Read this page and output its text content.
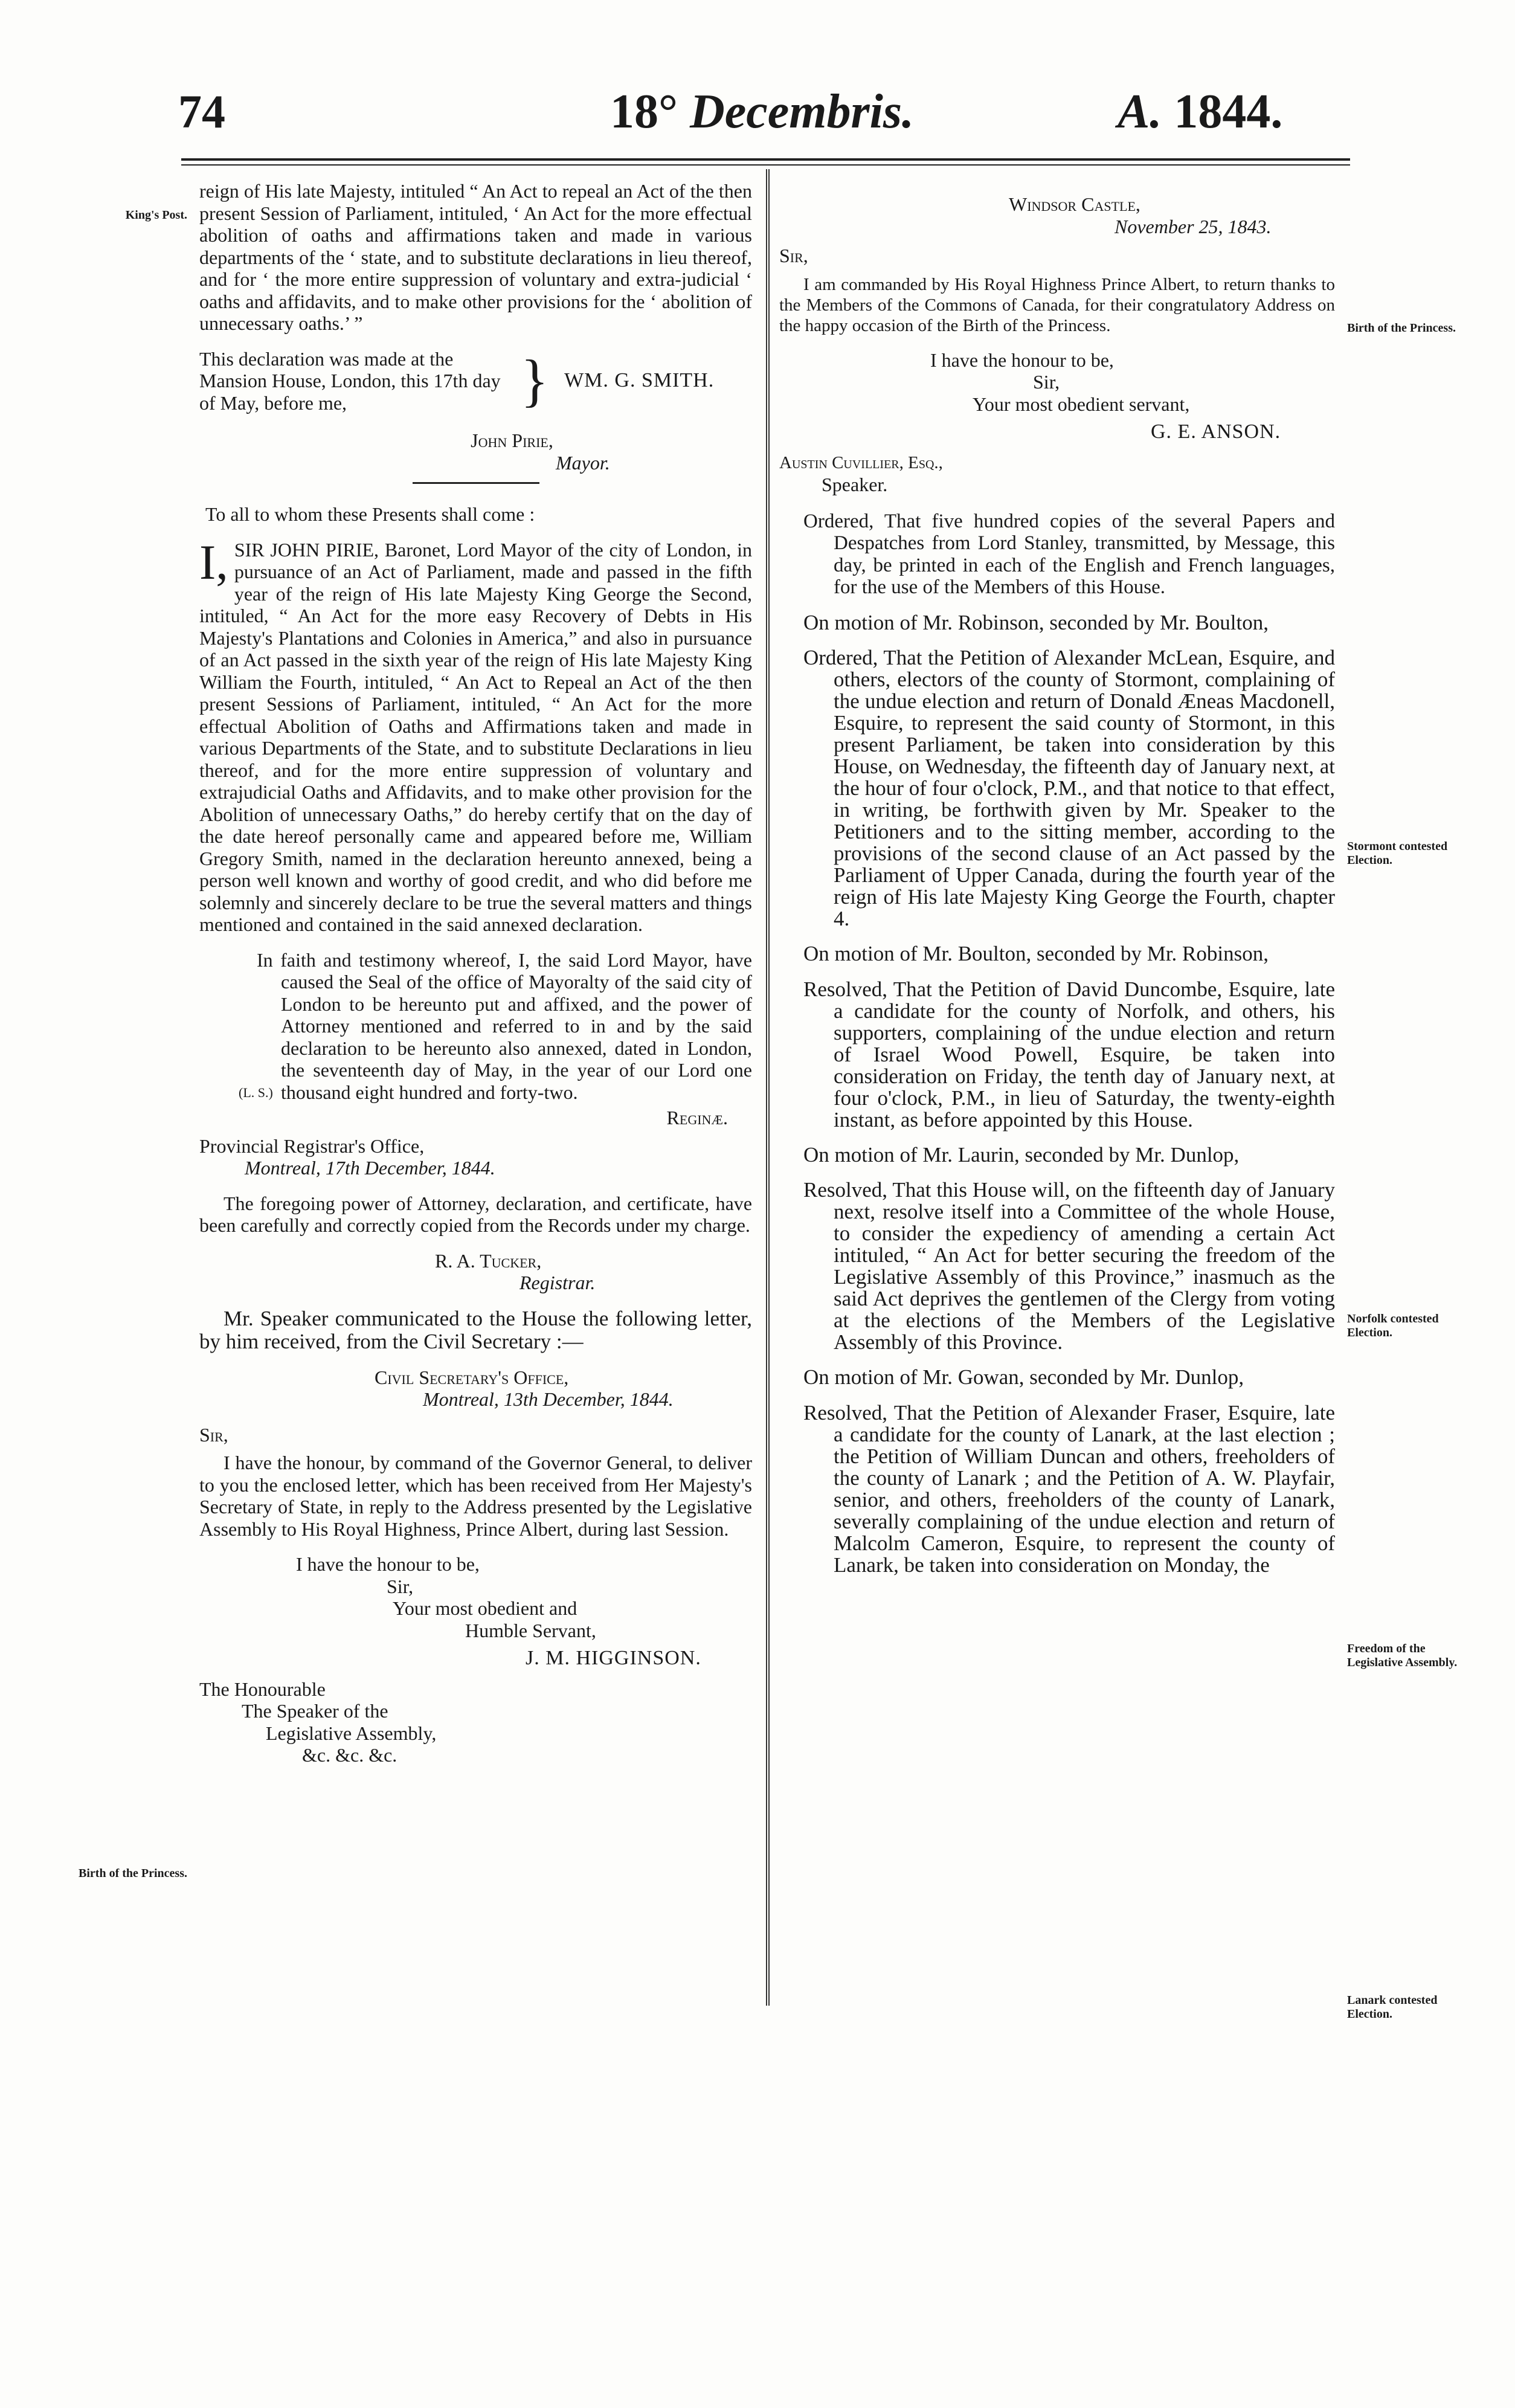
74	18° Decembris.	A. 1844.
King's Post.
Birth of the Princess.
Birth of the Princess.
Stormont contested Election.
Norfolk contested Election.
Freedom of the Legislative Assembly.
Lanark contested Election.

reign of His late Majesty, intituled “ An Act to repeal an Act of the then present Session of Parliament, intituled, ‘ An Act for the more effectual abolition of oaths and affirmations taken and made in various departments of the ‘ state, and to substitute declarations in lieu thereof, and for ‘ the more entire suppression of voluntary and extra-judicial ‘ oaths and affidavits, and to make other provisions for the ‘ abolition of unnecessary oaths.’ ”

This declaration was made at the Mansion House, London, this 17th day of May, before me,	} WM. G. SMITH.

John Pirie,

Mayor.

To all to whom these Presents shall come :

I, SIR JOHN PIRIE, Baronet, Lord Mayor of the city of London, in pursuance of an Act of Parliament, made and passed in the fifth year of the reign of His late Majesty King George the Second, intituled, “ An Act for the more easy Recovery of Debts in His Majesty's Plantations and Colonies in America,” and also in pursuance of an Act passed in the sixth year of the reign of His late Majesty King William the Fourth, intituled, “ An Act to Repeal an Act of the then present Sessions of Parliament, intituled, “ An Act for the more effectual Abolition of Oaths and Affirmations taken and made in various Departments of the State, and to substitute Declarations in lieu thereof, and for the more entire suppression of voluntary and extrajudicial Oaths and Affidavits, and to make other provision for the Abolition of unnecessary Oaths,” do hereby certify that on the day of the date hereof personally came and appeared before me, William Gregory Smith, named in the declaration hereunto annexed, being a person well known and worthy of good credit, and who did before me solemnly and sincerely declare to be true the several matters and things mentioned and contained in the said annexed declaration.

(L. S.)

In faith and testimony whereof, I, the said Lord Mayor, have caused the Seal of the office of Mayoralty of the said city of London to be hereunto put and affixed, and the power of Attorney mentioned and referred to in and by the said declaration to be hereunto also annexed, dated in London, the seventeenth day of May, in the year of our Lord one thousand eight hundred and forty-two.

Reginæ.

Provincial Registrar's Office,

Montreal, 17th December, 1844.

The foregoing power of Attorney, declaration, and certificate, have been carefully and correctly copied from the Records under my charge.

R. A. Tucker,

Registrar.

Mr. Speaker communicated to the House the following letter, by him received, from the Civil Secretary :—

Civil Secretary's Office,

Montreal, 13th December, 1844.

Sir,

I have the honour, by command of the Governor General, to deliver to you the enclosed letter, which has been received from Her Majesty's Secretary of State, in reply to the Address presented by the Legislative Assembly to His Royal Highness, Prince Albert, during last Session.

I have the honour to be,

Sir,

Your most obedient and

Humble Servant,

J. M. HIGGINSON.

The Honourable

The Speaker of the

Legislative Assembly,

&c. &c. &c.

Windsor Castle,

November 25, 1843.

Sir,

I am commanded by His Royal Highness Prince Albert, to return thanks to the Members of the Commons of Canada, for their congratulatory Address on the happy occasion of the Birth of the Princess.

I have the honour to be,

Sir,

Your most obedient servant,

G. E. ANSON.

Austin Cuvillier, Esq.,

Speaker.

Ordered, That five hundred copies of the several Papers and Despatches from Lord Stanley, transmitted, by Message, this day, be printed in each of the English and French languages, for the use of the Members of this House.

On motion of Mr. Robinson, seconded by Mr. Boulton,

Ordered, That the Petition of Alexander McLean, Esquire, and others, electors of the county of Stormont, complaining of the undue election and return of Donald Æneas Macdonell, Esquire, to represent the said county of Stormont, in this present Parliament, be taken into consideration by this House, on Wednesday, the fifteenth day of January next, at the hour of four o'clock, P.M., and that notice to that effect, in writing, be forthwith given by Mr. Speaker to the Petitioners and to the sitting member, according to the provisions of the second clause of an Act passed by the Parliament of Upper Canada, during the fourth year of the reign of His late Majesty King George the Fourth, chapter 4.

On motion of Mr. Boulton, seconded by Mr. Robinson,

Resolved, That the Petition of David Duncombe, Esquire, late a candidate for the county of Norfolk, and others, his supporters, complaining of the undue election and return of Israel Wood Powell, Esquire, be taken into consideration on Friday, the tenth day of January next, at four o'clock, P.M., in lieu of Saturday, the twenty-eighth instant, as before appointed by this House.

On motion of Mr. Laurin, seconded by Mr. Dunlop,

Resolved, That this House will, on the fifteenth day of January next, resolve itself into a Committee of the whole House, to consider the expediency of amending a certain Act intituled, “ An Act for better securing the freedom of the Legislative Assembly of this Province,” inasmuch as the said Act deprives the gentlemen of the Clergy from voting at the elections of the Members of the Legislative Assembly of this Province.

On motion of Mr. Gowan, seconded by Mr. Dunlop,

Resolved, That the Petition of Alexander Fraser, Esquire, late a candidate for the county of Lanark, at the last election ; the Petition of William Duncan and others, freeholders of the county of Lanark ; and the Petition of A. W. Playfair, senior, and others, freeholders of the county of Lanark, severally complaining of the undue election and return of Malcolm Cameron, Esquire, to represent the county of Lanark, be taken into consideration on Monday, the
